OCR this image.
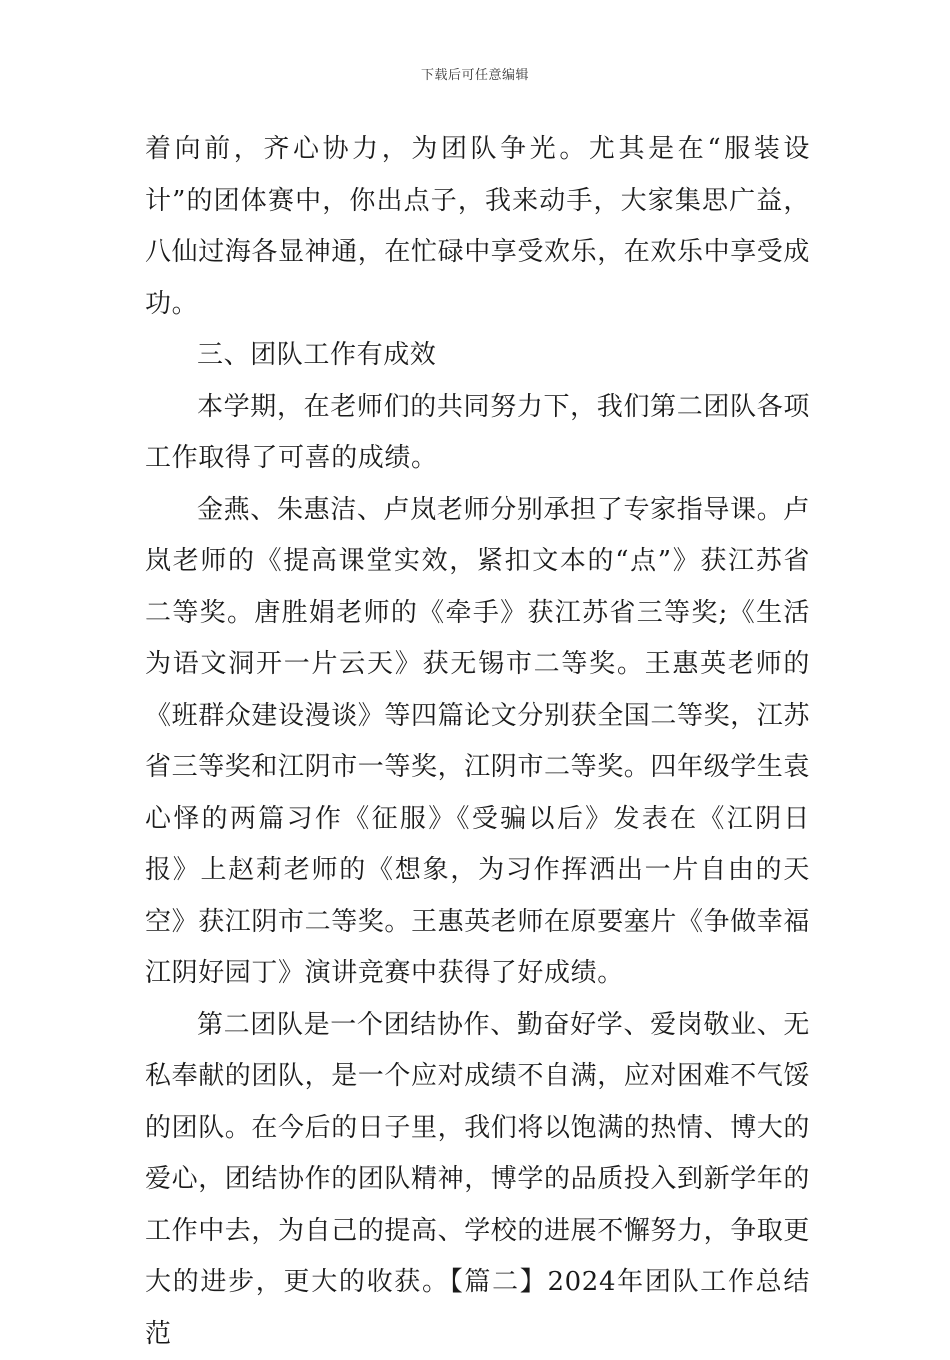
下载后可任意编辑

着向前，齐心协力，为团队争光。尤其是在“服装设计”的团体赛中，你出点子，我来动手，大家集思广益，八仙过海各显神通，在忙碌中享受欢乐，在欢乐中享受成功。

三、团队工作有成效

本学期，在老师们的共同努力下，我们第二团队各项工作取得了可喜的成绩。

金燕、朱惠洁、卢岚老师分别承担了专家指导课。卢岚老师的《提高课堂实效，紧扣文本的“点”》获江苏省二等奖。唐胜娟老师的《牵手》获江苏省三等奖;《生活为语文洞开一片云天》获无锡市二等奖。王惠英老师的《班群众建设漫谈》等四篇论文分别获全国二等奖，江苏省三等奖和江阴市一等奖，江阴市二等奖。四年级学生袁心怿的两篇习作《征服》《受骗以后》发表在《江阴日报》上赵莉老师的《想象，为习作挥洒出一片自由的天空》获江阴市二等奖。王惠英老师在原要塞片《争做幸福江阴好园丁》演讲竞赛中获得了好成绩。

第二团队是一个团结协作、勤奋好学、爱岗敬业、无私奉献的团队，是一个应对成绩不自满，应对困难不气馁的团队。在今后的日子里，我们将以饱满的热情、博大的爱心，团结协作的团队精神，博学的品质投入到新学年的工作中去，为自己的提高、学校的进展不懈努力，争取更大的进步，更大的收获。【篇二】2024年团队工作总结范
